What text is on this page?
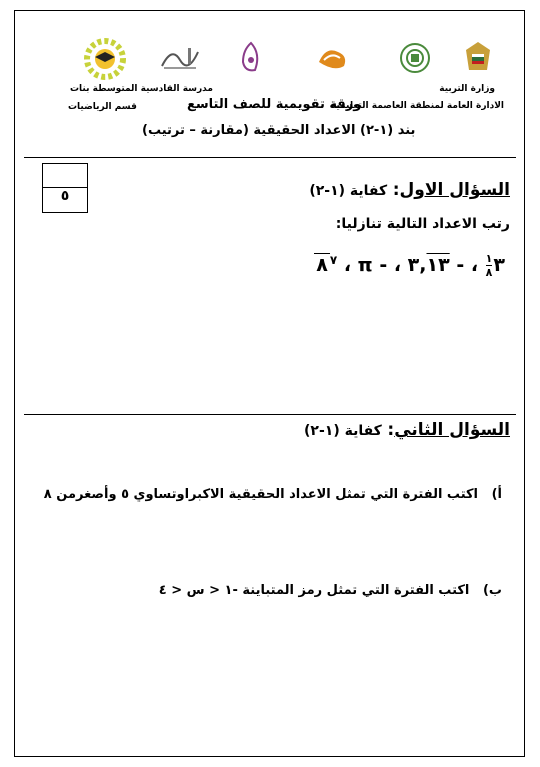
وزارة التربية
مدرسة القادسية المتوسطة بنات
الادارة العامة لمنطقة العاصمة التعليمية
ورقة تقويمية للصف التاسع
قسم الرياضيات
بند (١-٢) الاعداد الحقيقية (مقارنة – ترتيب)
٥	السؤال الاول: كفاية (١-٢)
رتب الاعداد التالية تنازليا:
$٣\frac{١}{٨}$ ، - ٣,١٣ ، - π ، $^٧$٨
السؤال الثاني: كفاية (١-٢)
أ)   اكتب الفترة التي تمثل الاعداد الحقيقية الاكبراوتساوي ٥ وأصغرمن ٨
ب)   اكتب الفترة التي تمثل رمز المتباينة -١ < س < ٤
